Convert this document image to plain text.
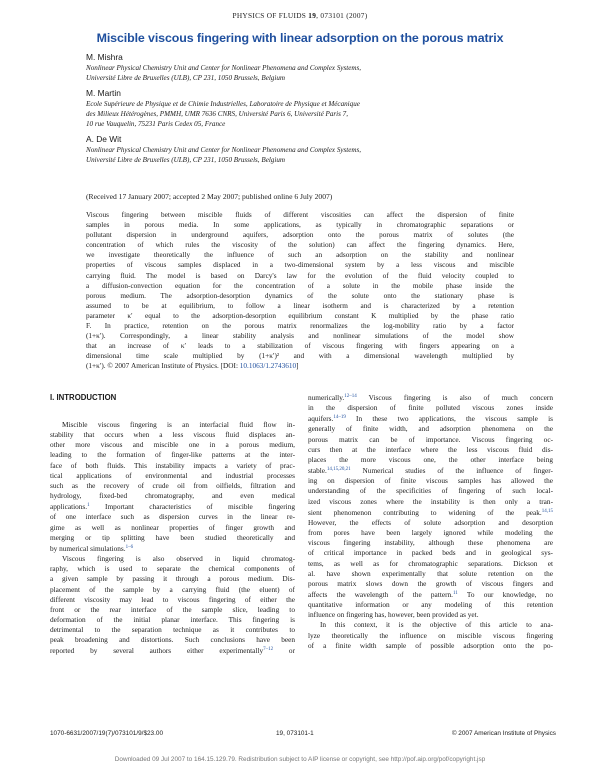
PHYSICS OF FLUIDS 19, 073101 (2007)
Miscible viscous fingering with linear adsorption on the porous matrix
M. Mishra
Nonlinear Physical Chemistry Unit and Center for Nonlinear Phenomena and Complex Systems,
Université Libre de Bruxelles (ULB), CP 231, 1050 Brussels, Belgium
M. Martin
Ecole Supérieure de Physique et de Chimie Industrielles, Laboratoire de Physique et Mécanique
des Milieux Hétérogènes, PMMH, UMR 7636 CNRS, Université Paris 6, Université Paris 7,
10 rue Vauquelin, 75231 Paris Cedex 05, France
A. De Wit
Nonlinear Physical Chemistry Unit and Center for Nonlinear Phenomena and Complex Systems,
Université Libre de Bruxelles (ULB), CP 231, 1050 Brussels, Belgium
(Received 17 January 2007; accepted 2 May 2007; published online 6 July 2007)
Viscous fingering between miscible fluids of different viscosities can affect the dispersion of finite
samples in porous media. In some applications, as typically in chromatographic separations or
pollutant dispersion in underground aquifers, adsorption onto the porous matrix of solutes (the
concentration of which rules the viscosity of the solution) can affect the fingering dynamics. Here,
we investigate theoretically the influence of such an adsorption on the stability and nonlinear
properties of viscous samples displaced in a two-dimensional system by a less viscous and miscible
carrying fluid. The model is based on Darcy's law for the evolution of the fluid velocity coupled to
a diffusion-convection equation for the concentration of a solute in the mobile phase inside the
porous medium. The adsorption-desorption dynamics of the solute onto the stationary phase is
assumed to be at equilibrium, to follow a linear isotherm and is characterized by a retention
parameter κ′ equal to the adsorption-desorption equilibrium constant K multiplied by the phase ratio
F. In practice, retention on the porous matrix renormalizes the log-mobility ratio by a factor
(1+κ′). Correspondingly, a linear stability analysis and nonlinear simulations of the model show
that an increase of κ′ leads to a stabilization of viscous fingering with fingers appearing on a
dimensional time scale multiplied by (1+κ′)² and with a dimensional wavelength multiplied by
(1+κ′). © 2007 American Institute of Physics. [DOI: 10.1063/1.2743610]
I. INTRODUCTION
Miscible viscous fingering is an interfacial fluid flow in-
stability that occurs when a less viscous fluid displaces an-
other more viscous and miscible one in a porous medium,
leading to the formation of finger-like patterns at the inter-
face of both fluids. This instability impacts a variety of prac-
tical applications of environmental and industrial processes
such as the recovery of crude oil from oilfields, filtration and
hydrology, fixed-bed chromatography, and even medical
applications.$^1$ Important characteristics of miscible fingering
of one interface such as dispersion curves in the linear re-
gime as well as nonlinear properties of finger growth and
merging or tip splitting have been studied theoretically and
by numerical simulations.$^{1-6}$
Viscous fingering is also observed in liquid chromatog-
raphy, which is used to separate the chemical components of
a given sample by passing it through a porous medium. Dis-
placement of the sample by a carrying fluid (the eluent) of
different viscosity may lead to viscous fingering of either the
front or the rear interface of the sample slice, leading to
deformation of the initial planar interface. This fingering is
detrimental to the separation technique as it contributes to
peak broadening and distortions. Such conclusions have been
reported by several authors either experimentally$^{7-12}$ or
numerically.$^{12-14}$ Viscous fingering is also of much concern
in the dispersion of finite polluted viscous zones inside
aquifers.$^{14-19}$ In these two applications, the viscous sample is
generally of finite width, and adsorption phenomena on the
porous matrix can be of importance. Viscous fingering oc-
curs then at the interface where the less viscous fluid dis-
places the more viscous one, the other interface being
stable.$^{14,15,20,21}$ Numerical studies of the influence of finger-
ing on dispersion of finite viscous samples has allowed the
understanding of the specificities of fingering of such local-
ized viscous zones where the instability is then only a tran-
sient phenomenon contributing to widening of the peak.$^{14,15}$
However, the effects of solute adsorption and desorption
from pores have been largely ignored while modeling the
viscous fingering instability, although these phenomena are
of critical importance in packed beds and in geological sys-
tems, as well as for chromatographic separations. Dickson et
al. have shown experimentally that solute retention on the
porous matrix slows down the growth of viscous fingers and
affects the wavelength of the pattern.$^{11}$ To our knowledge, no
quantitative information or any modeling of this retention
influence on fingering has, however, been provided as yet.
In this context, it is the objective of this article to ana-
lyze theoretically the influence on miscible viscous fingering
of a finite width sample of possible adsorption onto the po-
1070-6631/2007/19(7)/073101/9/$23.00	19, 073101-1	© 2007 American Institute of Physics
Downloaded 09 Jul 2007 to 164.15.129.79. Redistribution subject to AIP license or copyright, see http://pof.aip.org/pof/copyright.jsp
